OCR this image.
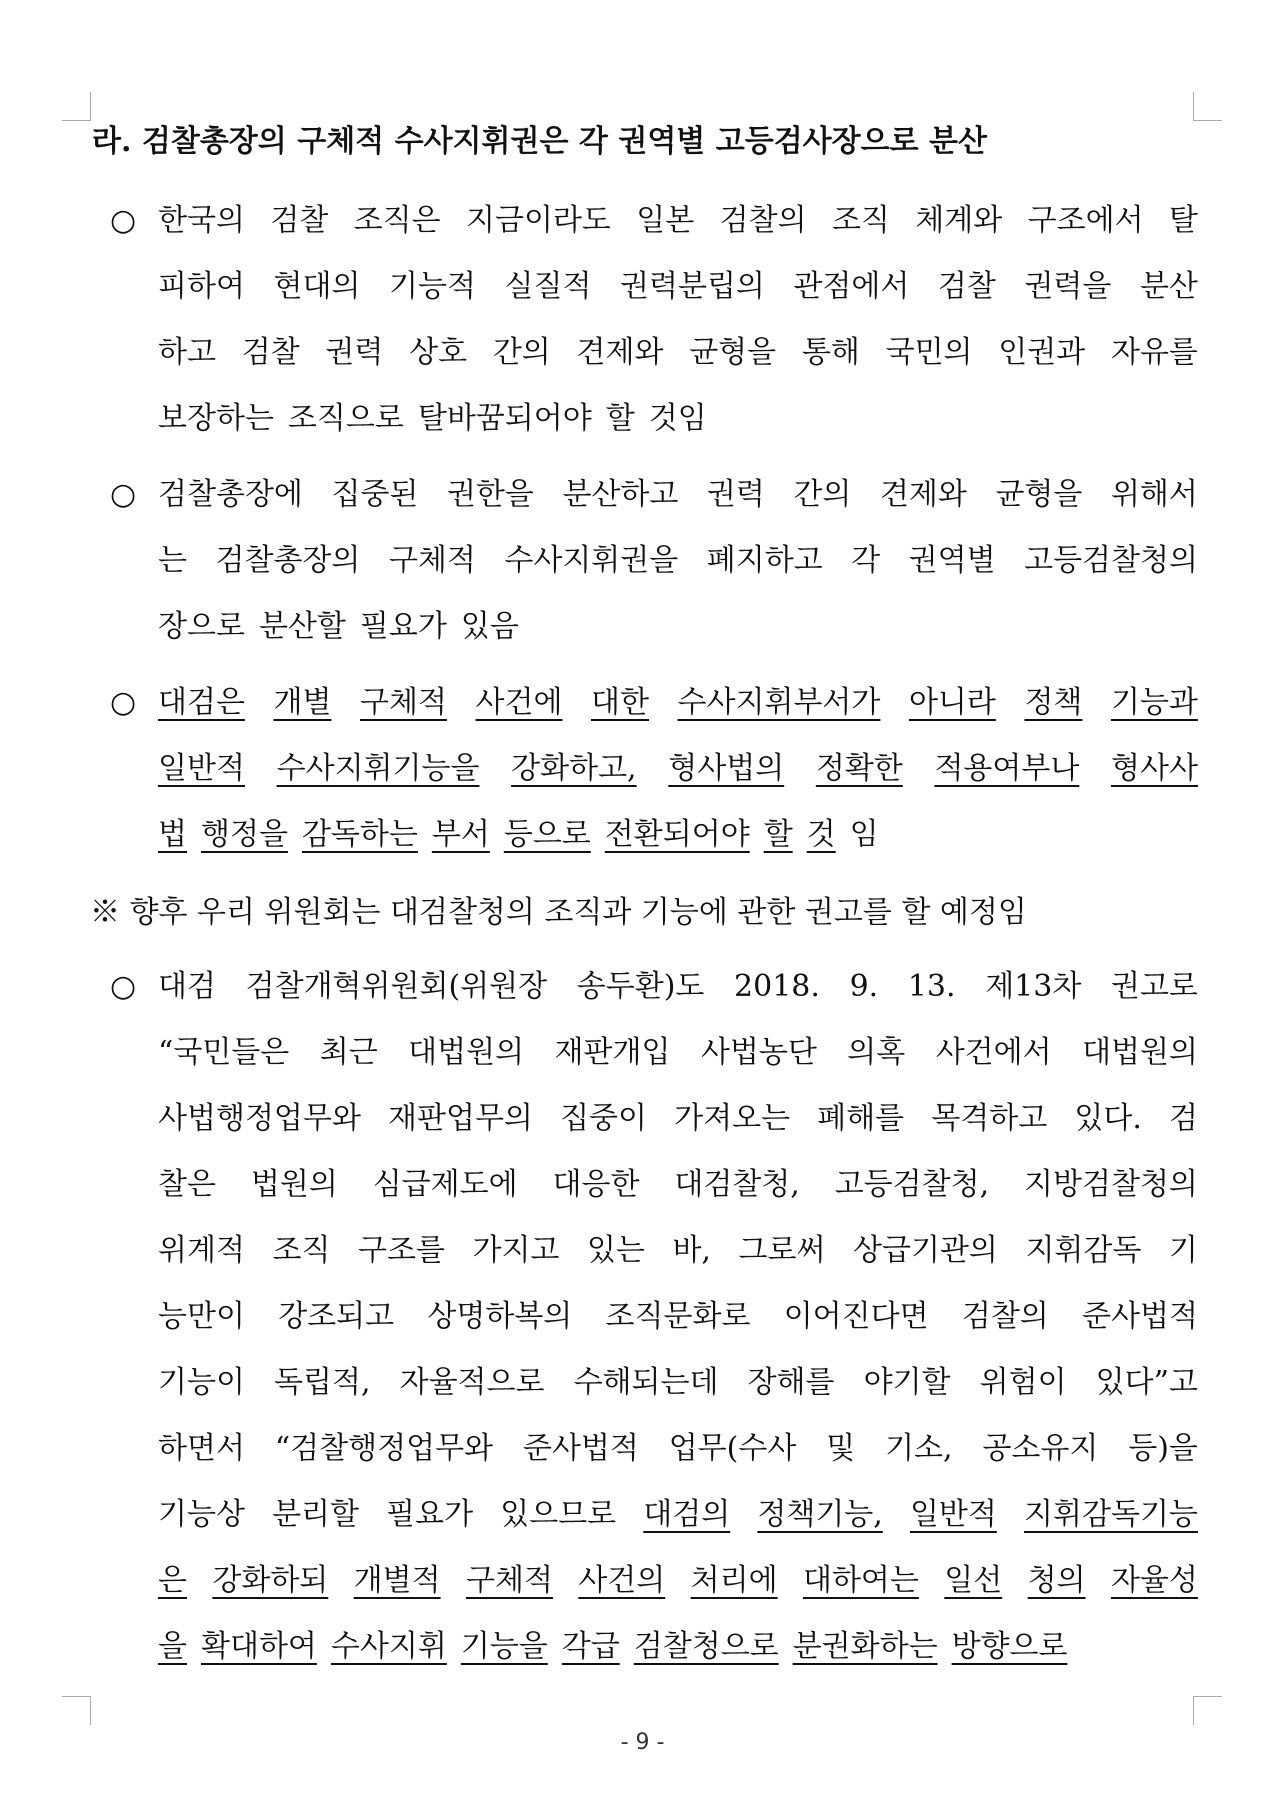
라. 검찰총장의 구체적 수사지휘권은 각 권역별 고등검사장으로 분산
○ 한국의 검찰 조직은 지금이라도 일본 검찰의 조직 체계와 구조에서 탈
피하여 현대의 기능적 실질적 권력분립의 관점에서 검찰 권력을 분산
하고 검찰 권력 상호 간의 견제와 균형을 통해 국민의 인권과 자유를
보장하는 조직으로 탈바꿈되어야 할 것임
○ 검찰총장에 집중된 권한을 분산하고 권력 간의 견제와 균형을 위해서
는 검찰총장의 구체적 수사지휘권을 폐지하고 각 권역별 고등검찰청의
장으로 분산할 필요가 있음
○ 대검은 개별 구체적 사건에 대한 수사지휘부서가 아니라 정책 기능과
일반적 수사지휘기능을 강화하고, 형사법의 정확한 적용여부나 형사사
법 행정을 감독하는 부서 등으로 전환되어야 할 것 임
※ 향후 우리 위원회는 대검찰청의 조직과 기능에 관한 권고를 할 예정임
○ 대검 검찰개혁위원회(위원장 송두환)도 2018. 9. 13. 제13차 권고로
“국민들은 최근 대법원의 재판개입 사법농단 의혹 사건에서 대법원의
사법행정업무와 재판업무의 집중이 가져오는 폐해를 목격하고 있다. 검
찰은 법원의 심급제도에 대응한 대검찰청, 고등검찰청, 지방검찰청의
위계적 조직 구조를 가지고 있는 바, 그로써 상급기관의 지휘감독 기
능만이 강조되고 상명하복의 조직문화로 이어진다면 검찰의 준사법적
기능이 독립적, 자율적으로 수해되는데 장해를 야기할 위험이 있다”고
하면서 “검찰행정업무와 준사법적 업무(수사 및 기소, 공소유지 등)을
기능상 분리할 필요가 있으므로 대검의 정책기능, 일반적 지휘감독기능
은 강화하되 개별적 구체적 사건의 처리에 대하여는 일선 청의 자율성
을 확대하여 수사지휘 기능을 각급 검찰청으로 분권화하는 방향으로
- 9 -
